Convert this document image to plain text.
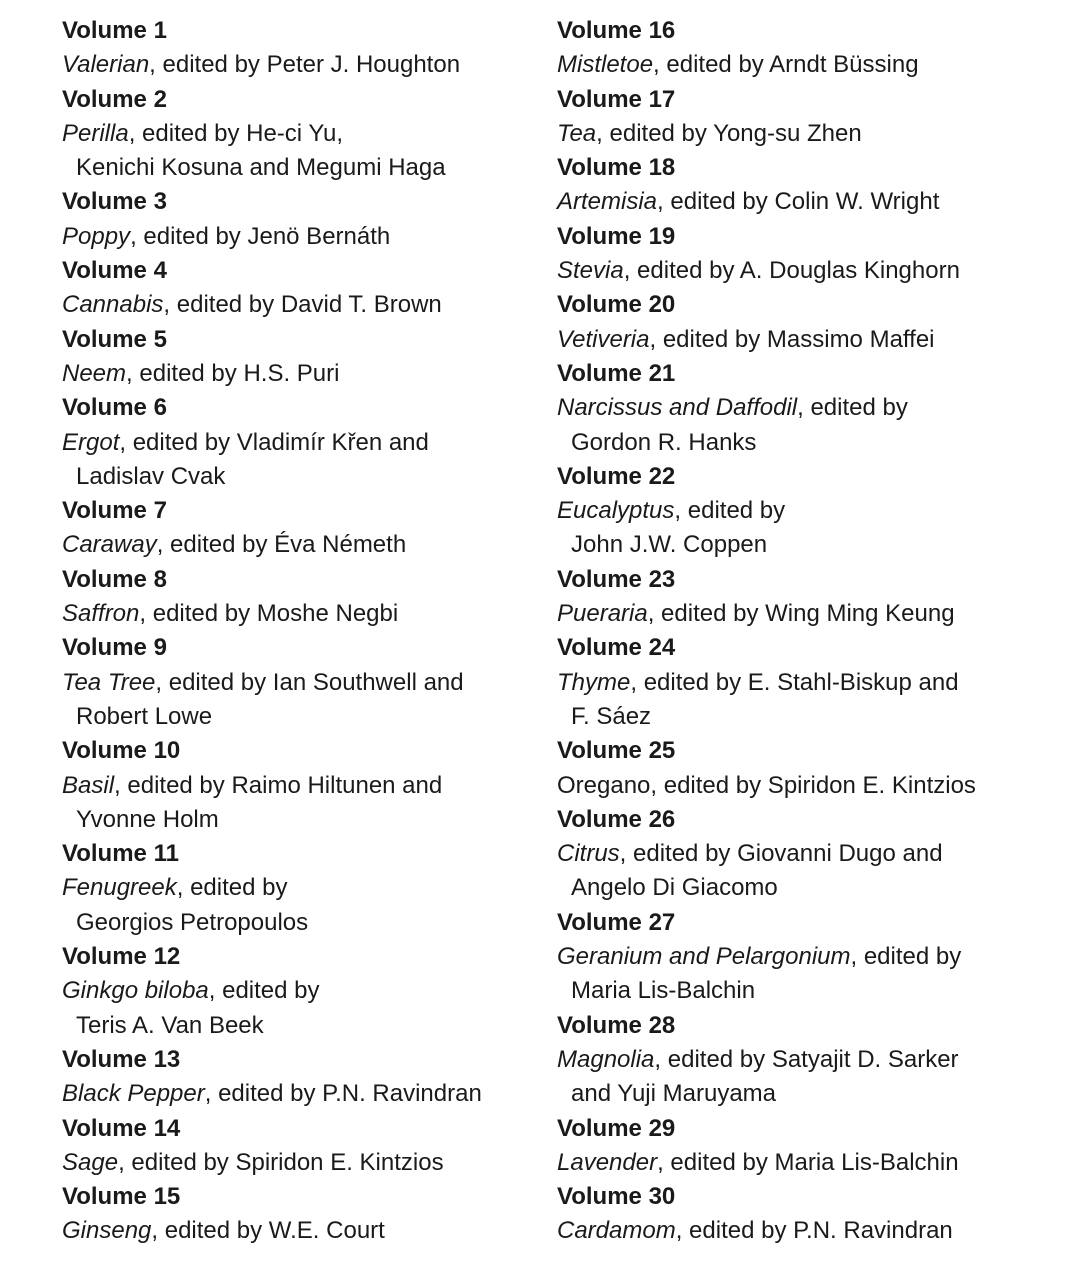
Volume 1
Valerian, edited by Peter J. Houghton
Volume 2
Perilla, edited by He-ci Yu,
Kenichi Kosuna and Megumi Haga
Volume 3
Poppy, edited by Jenö Bernáth
Volume 4
Cannabis, edited by David T. Brown
Volume 5
Neem, edited by H.S. Puri
Volume 6
Ergot, edited by Vladimír Křen and
Ladislav Cvak
Volume 7
Caraway, edited by Éva Németh
Volume 8
Saffron, edited by Moshe Negbi
Volume 9
Tea Tree, edited by Ian Southwell and
Robert Lowe
Volume 10
Basil, edited by Raimo Hiltunen and
Yvonne Holm
Volume 11
Fenugreek, edited by
Georgios Petropoulos
Volume 12
Ginkgo biloba, edited by
Teris A. Van Beek
Volume 13
Black Pepper, edited by P.N. Ravindran
Volume 14
Sage, edited by Spiridon E. Kintzios
Volume 15
Ginseng, edited by W.E. Court
Volume 16
Mistletoe, edited by Arndt Büssing
Volume 17
Tea, edited by Yong-su Zhen
Volume 18
Artemisia, edited by Colin W. Wright
Volume 19
Stevia, edited by A. Douglas Kinghorn
Volume 20
Vetiveria, edited by Massimo Maffei
Volume 21
Narcissus and Daffodil, edited by
Gordon R. Hanks
Volume 22
Eucalyptus, edited by
John J.W. Coppen
Volume 23
Pueraria, edited by Wing Ming Keung
Volume 24
Thyme, edited by E. Stahl-Biskup and
F. Sáez
Volume 25
Oregano, edited by Spiridon E. Kintzios
Volume 26
Citrus, edited by Giovanni Dugo and
Angelo Di Giacomo
Volume 27
Geranium and Pelargonium, edited by
Maria Lis-Balchin
Volume 28
Magnolia, edited by Satyajit D. Sarker
and Yuji Maruyama
Volume 29
Lavender, edited by Maria Lis-Balchin
Volume 30
Cardamom, edited by P.N. Ravindran
